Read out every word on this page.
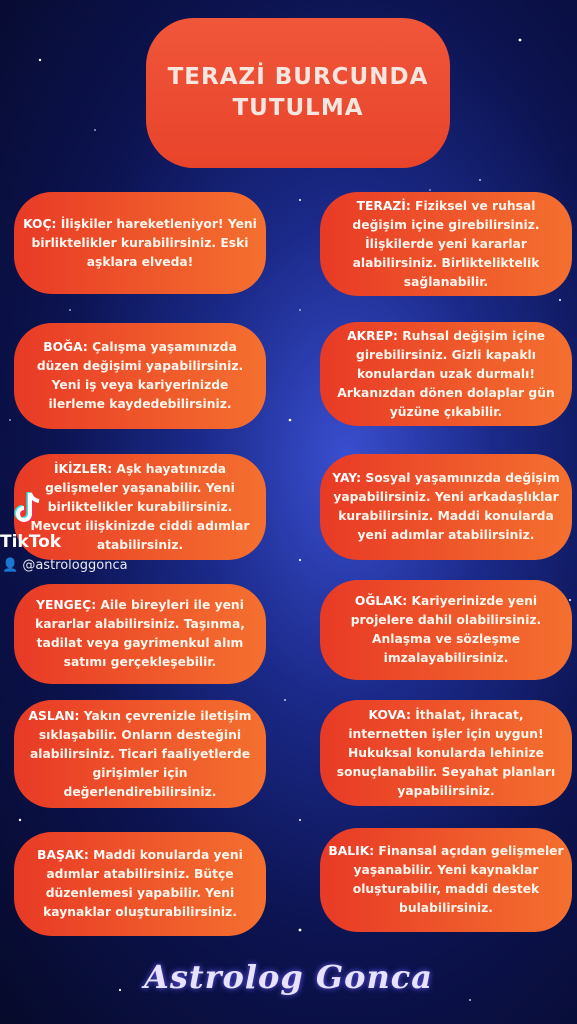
TERAZİ BURCUNDA
TUTULMA

KOÇ: İlişkiler hareketleniyor! Yeni birliktelikler kurabilirsiniz. Eski aşklara elveda!

BOĞA: Çalışma yaşamınızda düzen değişimi yapabilirsiniz. Yeni iş veya kariyerinizde ilerleme kaydedebilirsiniz.

İKİZLER: Aşk hayatınızda gelişmeler yaşanabilir. Yeni birliktelikler kurabilirsiniz. Mevcut ilişkinizde ciddi adımlar atabilirsiniz.

YENGEÇ: Aile bireyleri ile yeni kararlar alabilirsiniz. Taşınma, tadilat veya gayrimenkul alım satımı gerçekleşebilir.

ASLAN: Yakın çevrenizle iletişim sıklaşabilir. Onların desteğini alabilirsiniz. Ticari faaliyetlerde girişimler için değerlendirebilirsiniz.

BAŞAK: Maddi konularda yeni adımlar atabilirsiniz. Bütçe düzenlemesi yapabilir. Yeni kaynaklar oluşturabilirsiniz.

TERAZİ: Fiziksel ve ruhsal değişim içine girebilirsiniz. İlişkilerde yeni kararlar alabilirsiniz. Birliktelikteli̇k sağlanabilir.

AKREP: Ruhsal değişim içine girebilirsiniz. Gizli kapaklı konulardan uzak durmalı! Arkanızdan dönen dolaplar gün yüzüne çıkabilir.

YAY: Sosyal yaşamınızda değişim yapabilirsiniz. Yeni arkadaşlıklar kurabilirsiniz. Maddi konularda yeni adımlar atabilirsiniz.

OĞLAK: Kariyerinizde yeni projelere dahil olabilirsiniz. Anlaşma ve sözleşme imzalayabilirsiniz.

KOVA: İthalat, ihracat, internetten işler için uygun! Hukuksal konularda lehinize sonuçlanabilir. Seyahat planları yapabilirsiniz.

BALIK: Finansal açıdan gelişmeler yaşanabilir. Yeni kaynaklar oluşturabilir, maddi destek bulabilirsiniz.

TikTok
👤 @astrologgonca
Astrolog Gonca
